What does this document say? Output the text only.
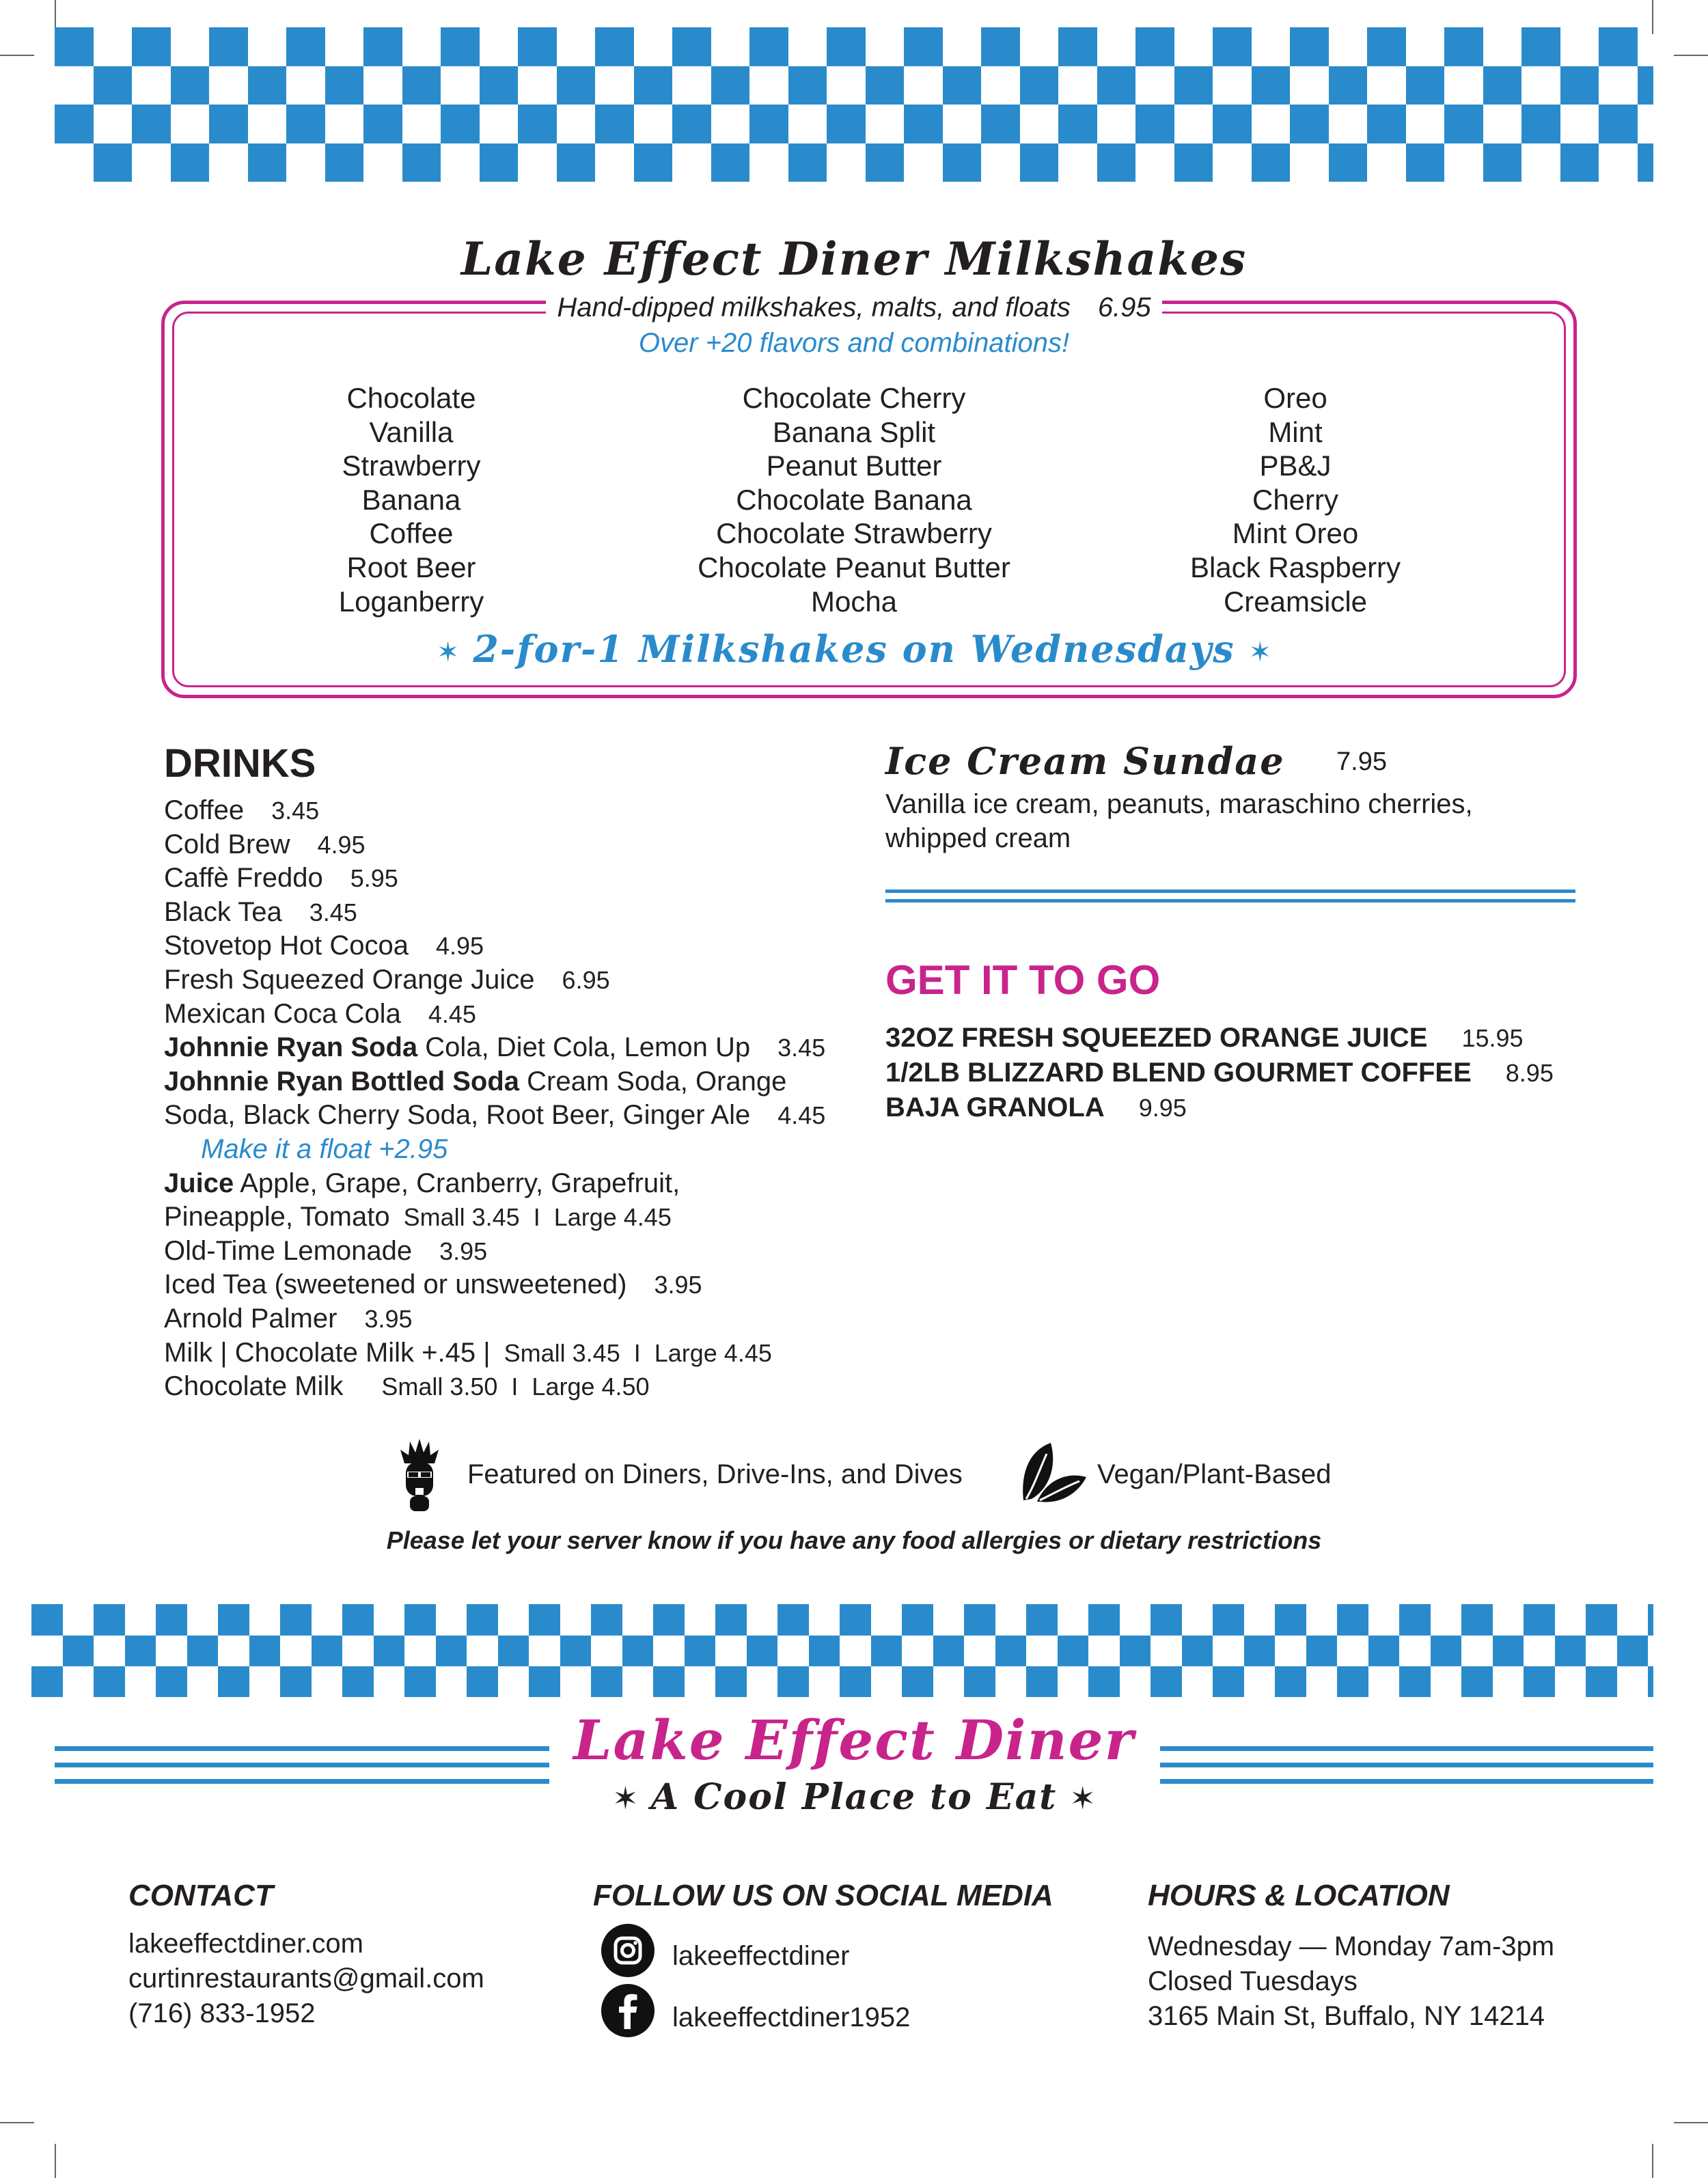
Lake Effect Diner Milkshakes
Hand-dipped milkshakes, malts, and floats 6.95
Over +20 flavors and combinations!
Chocolate
Vanilla
Strawberry
Banana
Coffee
Root Beer
Loganberry
Chocolate Cherry
Banana Split
Peanut Butter
Chocolate Banana
Chocolate Strawberry
Chocolate Peanut Butter
Mocha
Oreo
Mint
PB&J
Cherry
Mint Oreo
Black Raspberry
Creamsicle
✶ 2-for-1 Milkshakes on Wednesdays ✶
DRINKS
Coffee 3.45
Cold Brew 4.95
Caffè Freddo 5.95
Black Tea 3.45
Stovetop Hot Cocoa 4.95
Fresh Squeezed Orange Juice 6.95
Mexican Coca Cola 4.45
Johnnie Ryan Soda Cola, Diet Cola, Lemon Up 3.45
Johnnie Ryan Bottled Soda Cream Soda, Orange
Soda, Black Cherry Soda, Root Beer, Ginger Ale 4.45
Make it a float +2.95
Juice Apple, Grape, Cranberry, Grapefruit,
Pineapple, Tomato Small 3.45  I  Large 4.45
Old-Time Lemonade 3.95
Iced Tea (sweetened or unsweetened) 3.95
Arnold Palmer 3.95
Milk | Chocolate Milk +.45 | Small 3.45  I  Large 4.45
Chocolate Milk Small 3.50  I  Large 4.50
Ice Cream Sundae 7.95
Vanilla ice cream, peanuts, maraschino cherries, whipped cream
GET IT TO GO
32OZ FRESH SQUEEZED ORANGE JUICE 15.95
1/2LB BLIZZARD BLEND GOURMET COFFEE 8.95
BAJA GRANOLA 9.95
Featured on Diners, Drive-Ins, and Dives	Vegan/Plant-Based
Please let your server know if you have any food allergies or dietary restrictions
Lake Effect Diner
✶ A Cool Place to Eat ✶
CONTACT
lakeeffectdiner.com
curtinrestaurants@gmail.com
(716) 833-1952
FOLLOW US ON SOCIAL MEDIA
lakeeffectdiner
lakeeffectdiner1952
HOURS & LOCATION
Wednesday — Monday 7am-3pm
Closed Tuesdays
3165 Main St, Buffalo, NY 14214
